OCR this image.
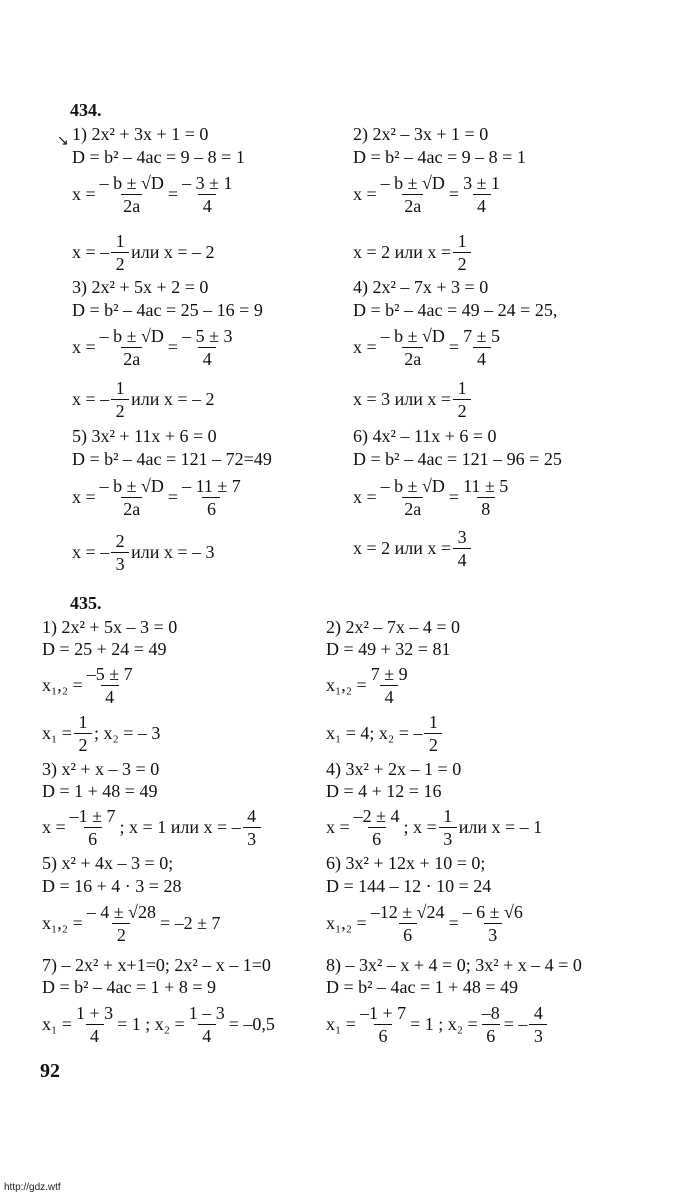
434.
↘ 1) 2x² + 3x + 1 = 0
D = b² – 4ac = 9 – 8 = 1
$x = \frac{- b \pm √D}{2a} = \frac{- 3 \pm 1}{4}$
x = – $\frac{1}{2}$ или x = – 2
2) 2x² – 3x + 1 = 0
D = b² – 4ac = 9 – 8 = 1
$x = \frac{- b \pm √D}{2a} = \frac{3 \pm 1}{4}$
x = 2 или $x = \frac{1}{2}$
3) 2x² + 5x + 2 = 0
D = b² – 4ac = 25 – 16 = 9
$x = \frac{- b \pm √D}{2a} = \frac{- 5 \pm 3}{4}$
x = – $\frac{1}{2}$ или x = – 2
4) 2x² – 7x + 3 = 0
D = b² – 4ac = 49 – 24 = 25,
$x = \frac{- b \pm √D}{2a} = \frac{7 \pm 5}{4}$
x = 3 или $x = \frac{1}{2}$
5) 3x² + 11x + 6 = 0
D = b² – 4ac = 121 – 72=49
$x = \frac{- b \pm √D}{2a} = \frac{- 11 \pm 7}{6}$
x = – $\frac{2}{3}$ или x = – 3
6) 4x² – 11x + 6 = 0
D = b² – 4ac = 121 – 96 = 25
$x = \frac{- b \pm √D}{2a} = \frac{11 \pm 5}{8}$
x = 2 или $x = \frac{3}{4}$
435.
1) 2x² + 5x – 3 = 0
D = 25 + 24 = 49
$x_1,_2 = \frac{-5 \pm 7}{4}$
$x_1 = \frac{1}{2}$ ; x₂ = – 3
2) 2x² – 7x – 4 = 0
D = 49 + 32 = 81
$x_1,_2 = \frac{7 \pm 9}{4}$
x₁ = 4; x₂ = – $\frac{1}{2}$
3) x² + x – 3 = 0
D = 1 + 48 = 49
$x = \frac{-1 \pm 7}{6}$ ; x = 1 или x = – $\frac{4}{3}$
4) 3x² + 2x – 1 = 0
D = 4 + 12 = 16
$x = \frac{-2 \pm 4}{6}$ ; $x = \frac{1}{3}$ или x = – 1
5) x² + 4x – 3 = 0;
D = 16 + 4 · 3 = 28
$x_1,_2 = \frac{- 4 \pm √28}{2} = -2 \pm 7$
6) 3x² + 12x + 10 = 0;
D = 144 – 12 · 10 = 24
$x_1,_2 = \frac{-12 \pm √24}{6} = \frac{- 6 \pm √6}{3}$
7) – 2x² + x+1=0; 2x² – x – 1=0
D = b² – 4ac = 1 + 8 = 9
$x_1 = \frac{1 + 3}{4} = 1$ ; $x_2 = \frac{1 - 3}{4} = -0,5$
8) – 3x² – x + 4 = 0; 3x² + x – 4 = 0
D = b² – 4ac = 1 + 48 = 49
$x_1 = \frac{-1 + 7}{6} = 1$ ; $x_2 = \frac{-8}{6}$ = – $\frac{4}{3}$
92
http://gdz.wtf
